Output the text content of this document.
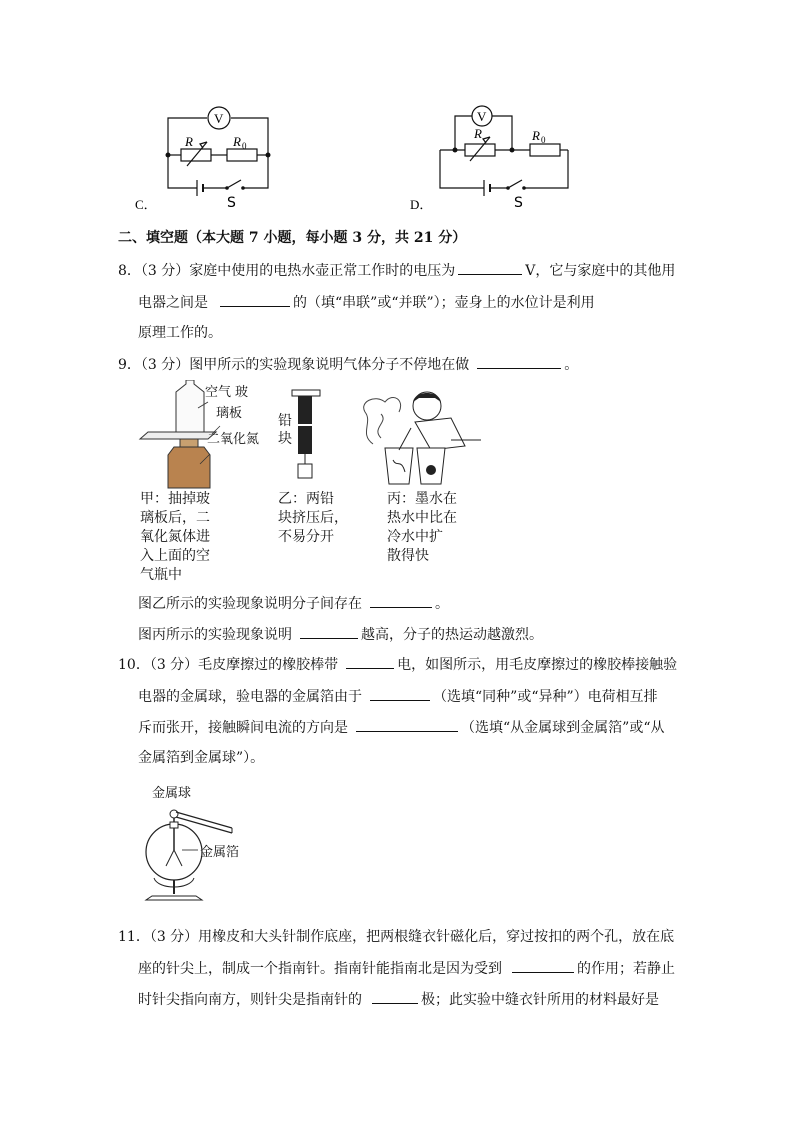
V
R	R 0
S
C．
V
R	R 0
S
D．
二、填空题（本大题 7 小题，每小题 3 分，共 21 分）
8．（3 分）家庭中使用的电热水壶正常工作时的电压为	V，它与家庭中的其他用
电器之间是	的（填“串联”或“并联”）；壶身上的水位计是利用
原理工作的。
9．（3 分）图甲所示的实验现象说明气体分子不停地在做	。
空气 玻
璃板
二氧化氮
铅
块
甲：抽掉玻
璃板后，二
氧化氮体进
入上面的空
气瓶中
乙：两铅
块挤压后，
不易分开
丙：墨水在
热水中比在
冷水中扩
散得快
图乙所示的实验现象说明分子间存在	。
图丙所示的实验现象说明	越高，分子的热运动越激烈。
10．（3 分）毛皮摩擦过的橡胶棒带	电，如图所示，用毛皮摩擦过的橡胶棒接触验
电器的金属球，验电器的金属箔由于	（选填“同种”或“异种”）电荷相互排
斥而张开，接触瞬间电流的方向是	（选填“从金属球到金属箔”或“从
金属箔到金属球”）。
金属球
金属箔
11．（3 分）用橡皮和大头针制作底座，把两根缝衣针磁化后，穿过按扣的两个孔，放在底
座的针尖上，制成一个指南针。指南针能指南北是因为受到	的作用；若静止
时针尖指向南方，则针尖是指南针的	极；此实验中缝衣针所用的材料最好是
